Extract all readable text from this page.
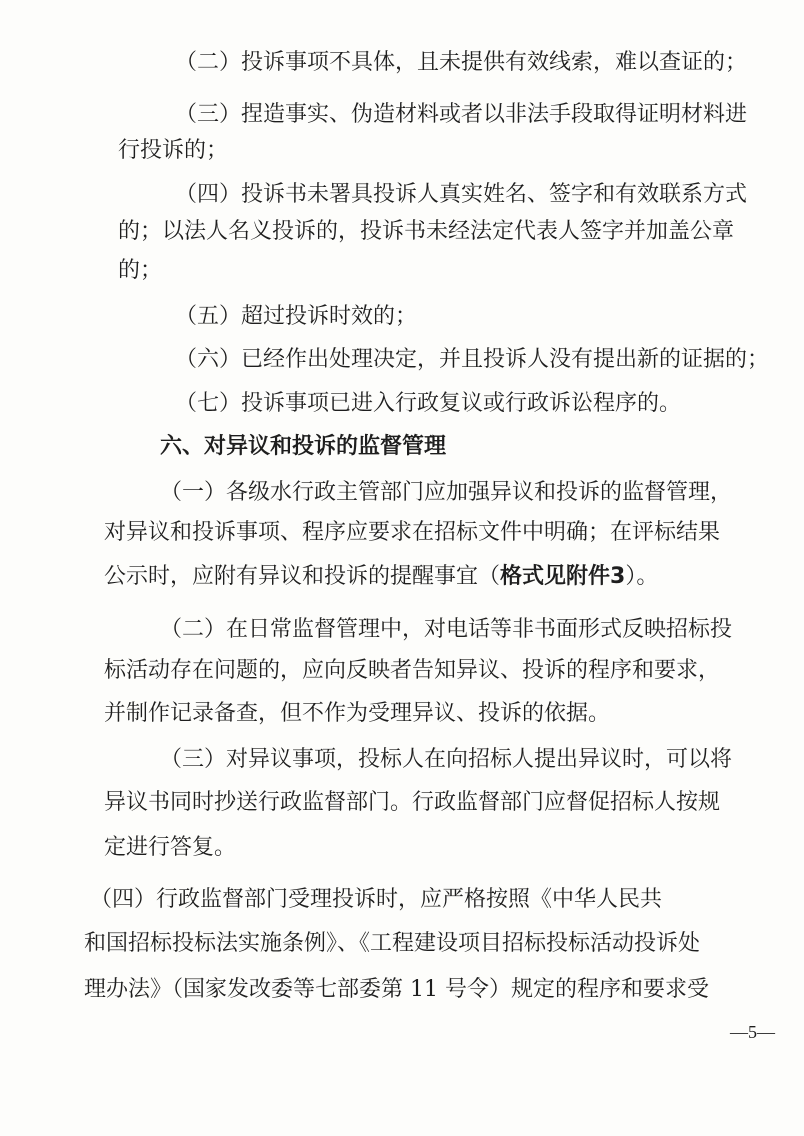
（二）投诉事项不具体，且未提供有效线索，难以查证的；
（三）捏造事实、伪造材料或者以非法手段取得证明材料进
行投诉的；
（四）投诉书未署具投诉人真实姓名、签字和有效联系方式
的；以法人名义投诉的，投诉书未经法定代表人签字并加盖公章
的；
（五）超过投诉时效的；
（六）已经作出处理决定，并且投诉人没有提出新的证据的；
（七）投诉事项已进入行政复议或行政诉讼程序的。
六、对异议和投诉的监督管理
（一）各级水行政主管部门应加强异议和投诉的监督管理，
对异议和投诉事项、程序应要求在招标文件中明确；在评标结果
公示时，应附有异议和投诉的提醒事宜（格式见附件3）。
（二）在日常监督管理中，对电话等非书面形式反映招标投
标活动存在问题的，应向反映者告知异议、投诉的程序和要求，
并制作记录备查，但不作为受理异议、投诉的依据。
（三）对异议事项，投标人在向招标人提出异议时，可以将
异议书同时抄送行政监督部门。行政监督部门应督促招标人按规
定进行答复。
（四）行政监督部门受理投诉时，应严格按照《中华人民共
和国招标投标法实施条例》、《工程建设项目招标投标活动投诉处
理办法》（国家发改委等七部委第 11 号令）规定的程序和要求受
—5—
